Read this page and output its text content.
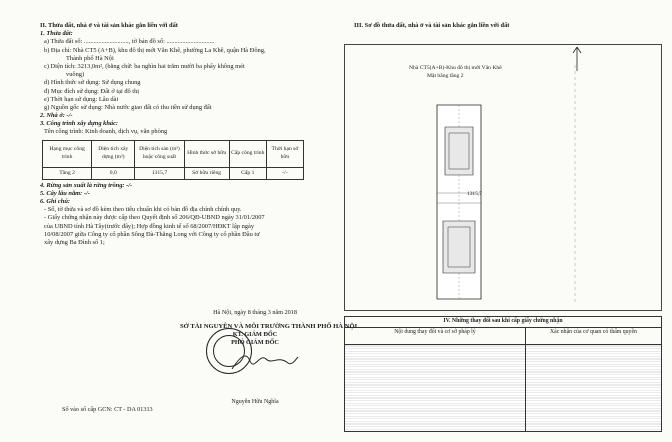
II. Thửa đất, nhà ở và tài sản khác gắn liền với đất
1. Thửa đất:
a) Thửa đất số: ............................, tờ bản đồ số: ..............................
b) Địa chỉ: Nhà CT5 (A+B), khu đô thị mới Văn Khê, phường La Khê, quận Hà Đông,
Thành phố Hà Nội
c) Diện tích: 3213,0m², (bằng chữ: ba nghìn hai trăm mười ba phẩy không mét
vuông)
d) Hình thức sử dụng: Sử dụng chung
đ) Mục đích sử dụng: Đất ở tại đô thị
e) Thời hạn sử dụng: Lâu dài
g) Nguồn gốc sử dụng: Nhà nước giao đất có thu tiền sử dụng đất
2. Nhà ở: -/-
3. Công trình xây dựng khác:
Tên công trình: Kinh doanh, dịch vụ, văn phòng
Hạng mục công trình	Diện tích xây dựng (m²)	Diện tích sàn (m²) hoặc công suất	Hình thức sở hữu	Cấp công trình	Thời hạn sở hữu
Tầng 2	0,0	1315,7	Sở hữu riêng	Cấp 1	-/-
4. Rừng sản xuất là rừng trồng: -/-
5. Cây lâu năm: -/-
6. Ghi chú:
- Số, tờ thửa và sơ đồ kèm theo tiêu chuẩn khi có bản đồ địa chính chính quy.
- Giấy chứng nhận này được cấp theo Quyết định số 206/QĐ-UBND ngày 31/01/2007
của UBND tỉnh Hà Tây(trước đây); Hợp đồng kinh tế số 68/2007/HĐKT lập ngày
10/08/2007 giữa Công ty cổ phần Sông Đà-Thăng Long với Công ty cổ phần Đầu tư
xây dựng Ba Đình số 1;
Hà Nội, ngày 8 tháng 3 năm 2018
SỞ TÀI NGUYÊN VÀ MÔI TRƯỜNG THÀNH PHỐ HÀ NỘI
KT. GIÁM ĐỐC
PHÓ GIÁM ĐỐC
Nguyễn Hữu Nghĩa
Số vào sổ cấp GCN: CT - DA 01313
III. Sơ đồ thửa đất, nhà ở và tài sản khác gắn liền với đất
Nhà CT5(A+B)-Khu đô thị mới Văn Khê
Mặt bằng tầng 2
1315,7
IV. Những thay đổi sau khi cấp giấy chứng nhận	
Nội dung thay đổi và cơ sở pháp lý	Xác nhận của cơ quan có thẩm quyền
